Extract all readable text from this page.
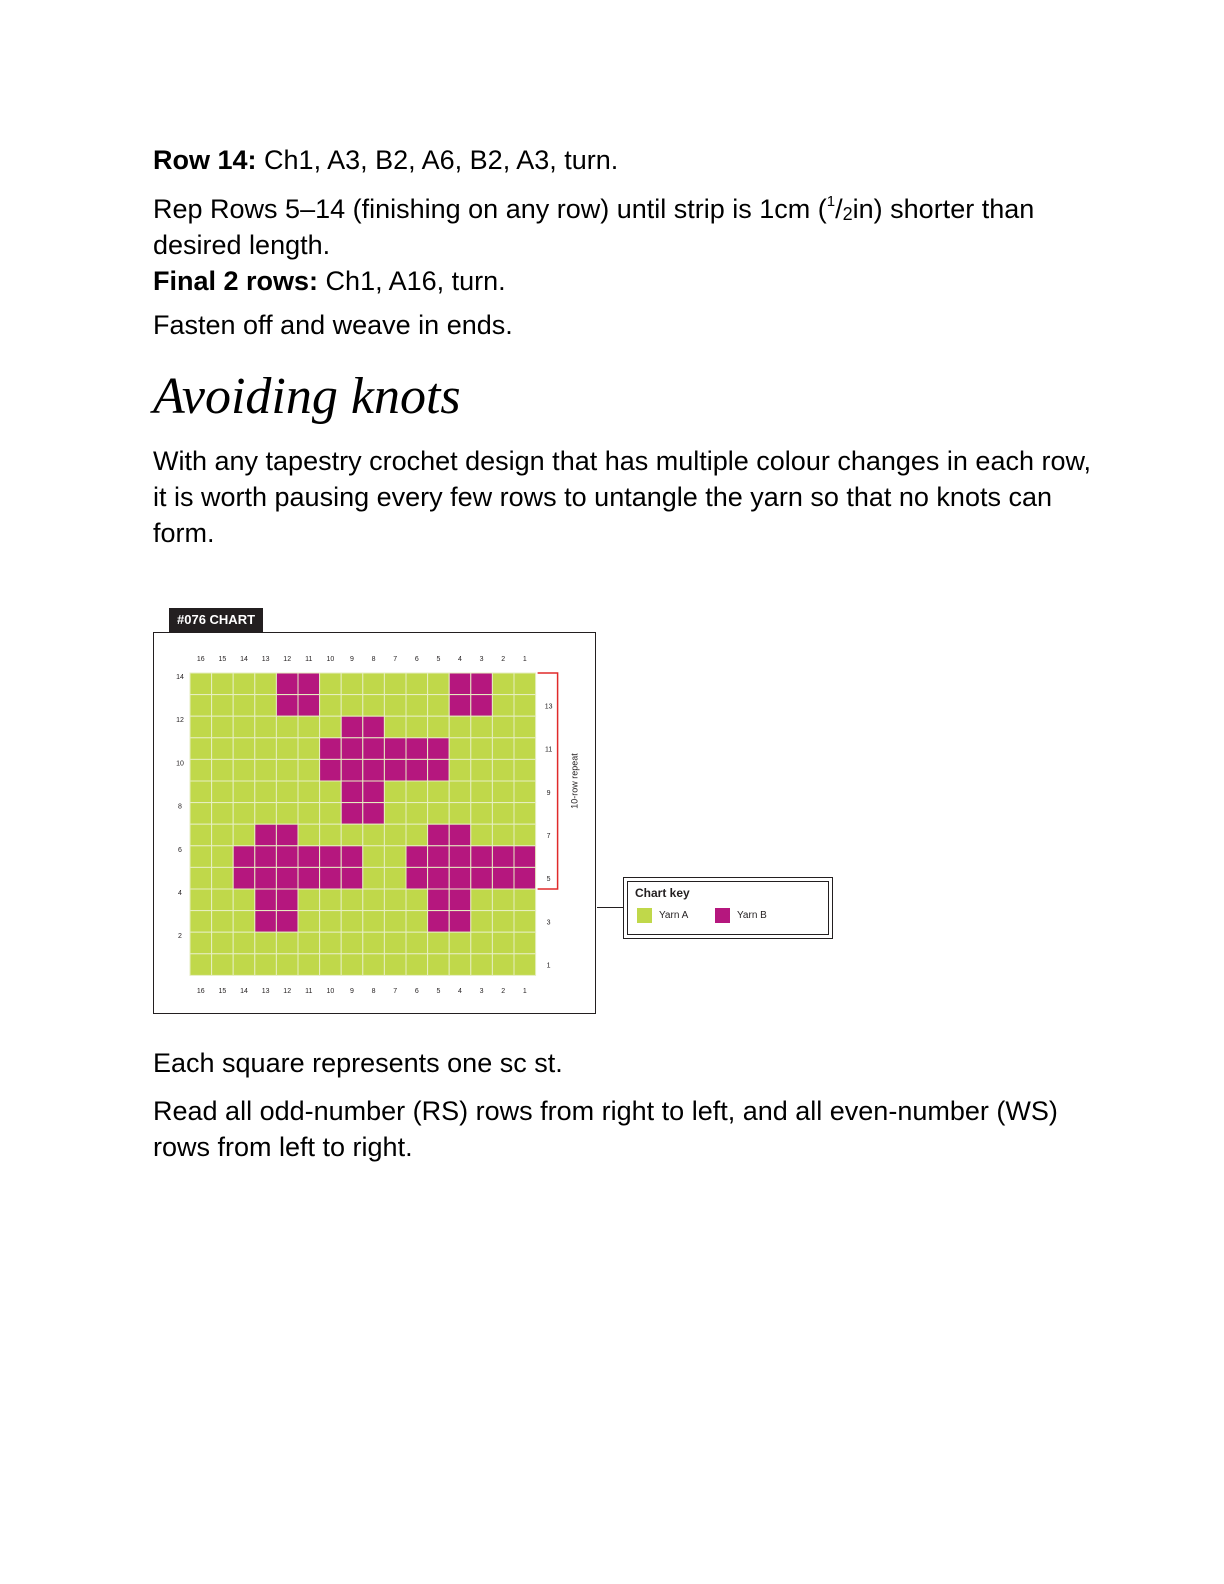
Row 14: Ch1, A3, B2, A6, B2, A3, turn.

Rep Rows 5–14 (finishing on any row) until strip is 1cm $(^1/_2in)$ shorter than desired length.

Final 2 rows: Ch1, A16, turn.

Fasten off and weave in ends.

Avoiding knots

With any tapestry crochet design that has multiple colour changes in each row, it is worth pausing every few rows to untangle the yarn so that no knots can form.

#076 CHART
16
16
15
15
14
14
13
13
12
12
11
11
10
10
9
9
8
8
7
7
6
6
5
5
4
4
3
3
2
2
1
1
14
12
10
8
6
4
2
13
11
9
7
5
3
1
10-row repeat
Chart key
Yarn A	Yarn B

Each square represents one sc st.

Read all odd-number (RS) rows from right to left, and all even-number (WS) rows from left to right.
